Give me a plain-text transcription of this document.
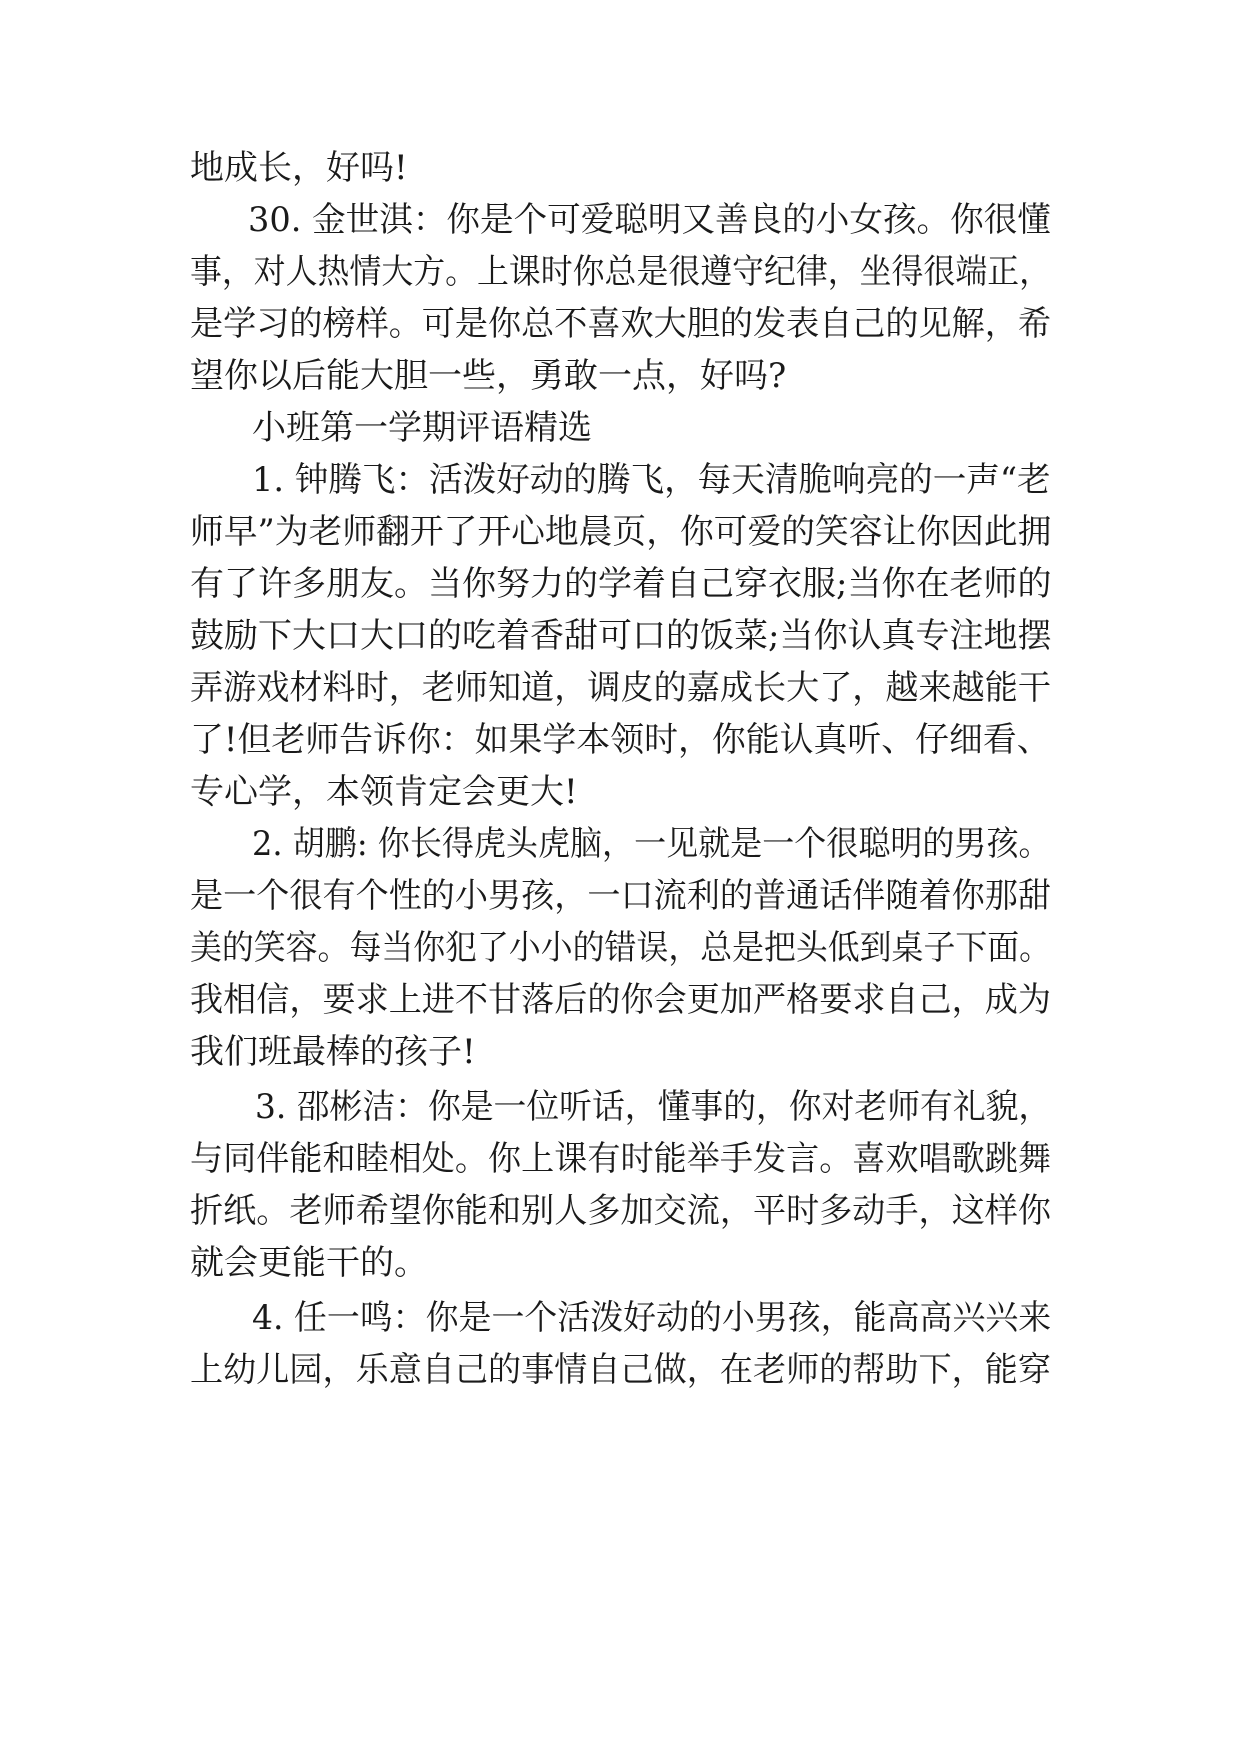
地成长，好吗!
30. 金世淇：你是个可爱聪明又善良的小女孩。你很懂
事，对人热情大方。上课时你总是很遵守纪律，坐得很端正，
是学习的榜样。可是你总不喜欢大胆的发表自己的见解，希
望你以后能大胆一些，勇敢一点，好吗?
小班第一学期评语精选
1. 钟腾飞：活泼好动的腾飞，每天清脆响亮的一声“老
师早”为老师翻开了开心地晨页，你可爱的笑容让你因此拥
有了许多朋友。当你努力的学着自己穿衣服;当你在老师的
鼓励下大口大口的吃着香甜可口的饭菜;当你认真专注地摆
弄游戏材料时，老师知道，调皮的嘉成长大了，越来越能干
了!但老师告诉你：如果学本领时，你能认真听、仔细看、
专心学，本领肯定会更大!
2. 胡鹏: 你长得虎头虎脑，一见就是一个很聪明的男孩。
是一个很有个性的小男孩，一口流利的普通话伴随着你那甜
美的笑容。每当你犯了小小的错误，总是把头低到桌子下面。
我相信，要求上进不甘落后的你会更加严格要求自己，成为
我们班最棒的孩子!
3. 邵彬洁：你是一位听话，懂事的，你对老师有礼貌，
与同伴能和睦相处。你上课有时能举手发言。喜欢唱歌跳舞
折纸。老师希望你能和别人多加交流，平时多动手，这样你
就会更能干的。
4. 任一鸣：你是一个活泼好动的小男孩，能高高兴兴来
上幼儿园，乐意自己的事情自己做，在老师的帮助下，能穿
